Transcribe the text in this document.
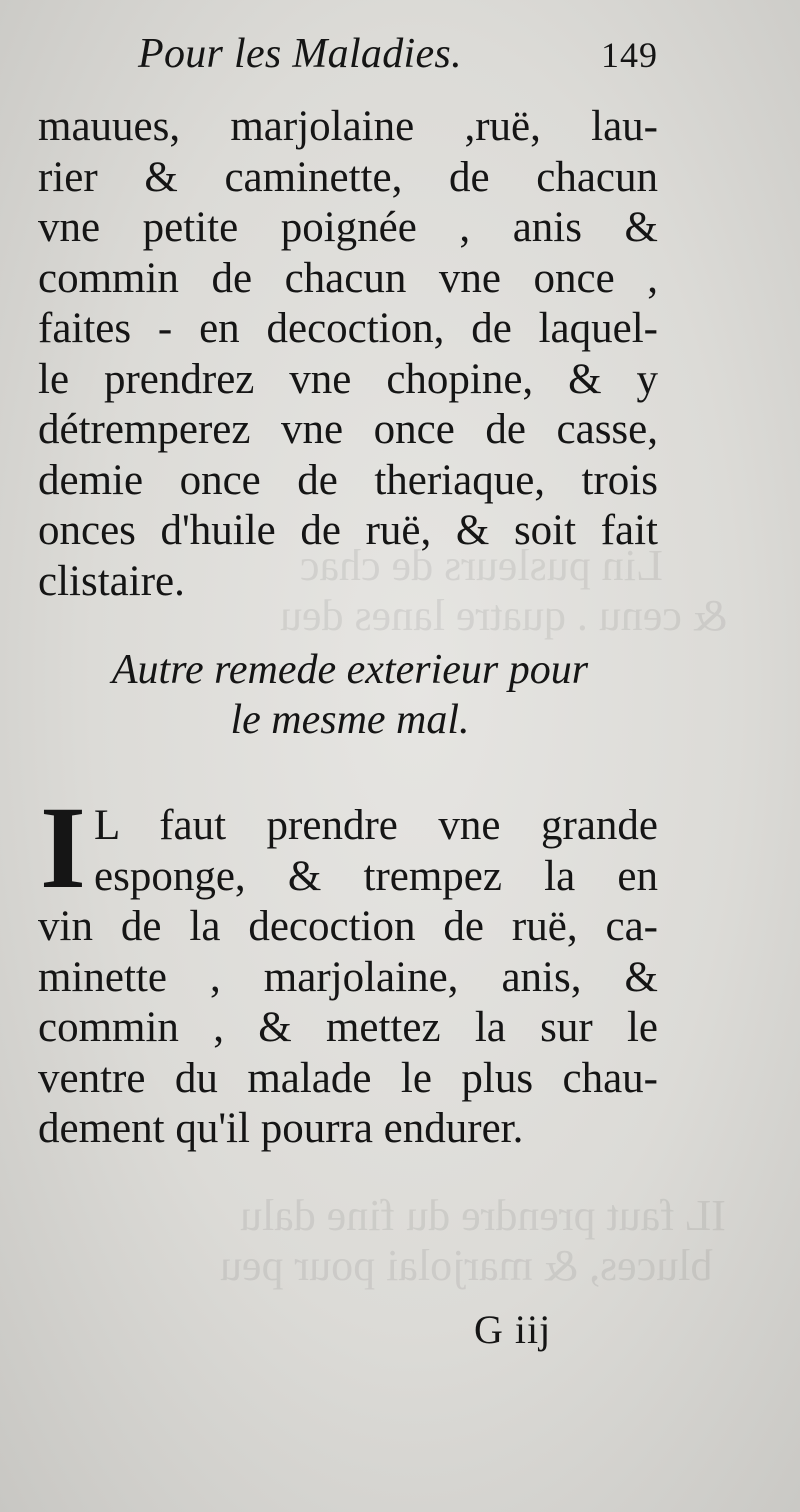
Lin pusleurs de chac
& cenu . quatre lanes deu
IL faut prendre du fine dalu
bluces, & marjolai pour peu
Pour les Maladies.	149
mauues, marjolaine ,ruë, lau-
rier & caminette, de chacun
vne petite poignée , anis &
commin de chacun vne once ,
faites - en decoction, de laquel-
le prendrez vne chopine, & y
détremperez vne once de casse,
demie once de theriaque, trois
onces d'huile de ruë, & soit fait
clistaire.
Autre remede exterieur pour
le mesme mal.
I L faut prendre vne grande
esponge, & trempez la en
vin de la decoction de ruë, ca-
minette , marjolaine, anis, &
commin , & mettez la sur le
ventre du malade le plus chau-
dement qu'il pourra endurer.
G iij
